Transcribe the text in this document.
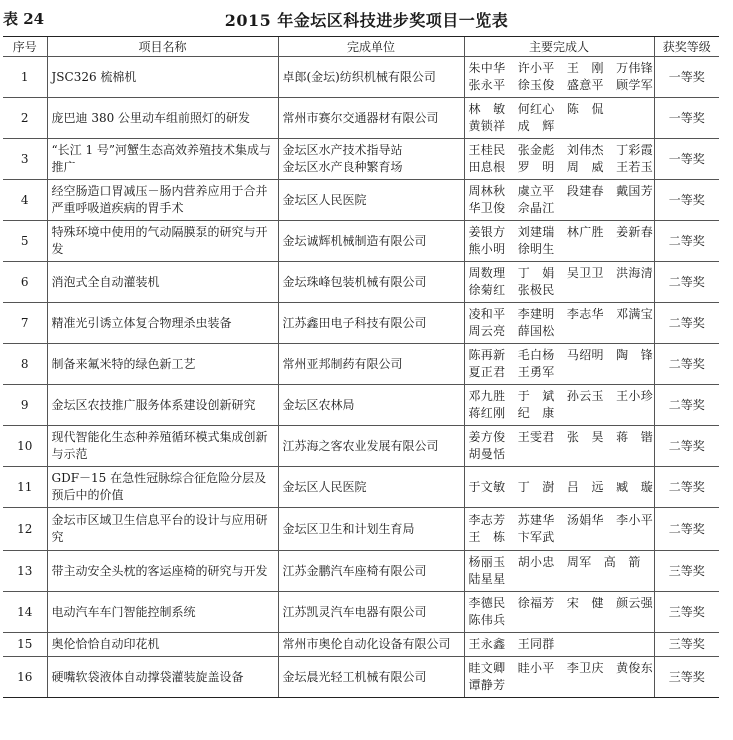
表 24	2015 年金坛区科技进步奖项目一览表
序号	项目名称	完成单位	主要完成人	获奖等级
1	JSC326 梳棉机	卓郎(金坛)纺织机械有限公司	朱中华　许小平　王　刚　万伟锋
张永平　徐玉俊　盛意平　顾学军	一等奖
2	庞巴迪 380 公里动车组前照灯的研发	常州市赛尔交通器材有限公司	林　敏　何红心　陈　侃
黄锁祥　成　辉	一等奖
3	“长江 1 号”河蟹生态高效养殖技术集成与推广	金坛区水产技术指导站
金坛区水产良种繁育场	王桂民　张金彪　刘伟杰　丁彩霞
田息根　罗　明　周　威　王若玉	一等奖
4	经空肠造口胃减压－肠内营养应用于合并严重呼吸道疾病的胃手术	金坛区人民医院	周林秋　虞立平　段建春　戴国芳
华卫俊　佘晶江	一等奖
5	特殊环境中使用的气动隔膜泵的研究与开发	金坛诚辉机械制造有限公司	姜银方　刘建瑞　林广胜　姜新春
熊小明　徐明生	二等奖
6	消泡式全自动灌装机	金坛珠峰包装机械有限公司	周数理　丁　娟　吴卫卫　洪海清
徐菊红　张极民	二等奖
7	精准光引诱立体复合物理杀虫装备	江苏鑫田电子科技有限公司	凌和平　李建明　李志华　邓满宝
周云亮　薛国松	二等奖
8	制备来氟米特的绿色新工艺	常州亚邦制药有限公司	陈再新　毛白杨　马绍明　陶　锋
夏正君　王勇军	二等奖
9	金坛区农技推广服务体系建设创新研究	金坛区农林局	邓九胜　于　斌　孙云玉　王小珍
蒋红刚　纪　康	二等奖
10	现代智能化生态种养殖循环模式集成创新与示范	江苏海之客农业发展有限公司	姜方俊　王雯君　张　昊　蒋　锴
胡曼恬	二等奖
11	GDF－15 在急性冠脉综合征危险分层及预后中的价值	金坛区人民医院	于文敏　丁　澍　吕　远　臧　璇	二等奖
12	金坛市区域卫生信息平台的设计与应用研究	金坛区卫生和计划生育局	李志芳　苏建华　汤娟华　李小平
王　栋　卞军武	二等奖
13	带主动安全头枕的客运座椅的研究与开发	江苏金鹏汽车座椅有限公司	杨丽玉　胡小忠　周军　高　箭
陆星星	三等奖
14	电动汽车车门智能控制系统	江苏凯灵汽车电器有限公司	李德民　徐福芳　宋　健　颜云强
陈伟兵	三等奖
15	奥伦恰恰自动印花机	常州市奥伦自动化设备有限公司	王永鑫　王同群	三等奖
16	硬嘴软袋液体自动撑袋灌装旋盖设备	金坛晨光轻工机械有限公司	眭文卿　眭小平　李卫庆　黄俊东
谭静芳	三等奖
